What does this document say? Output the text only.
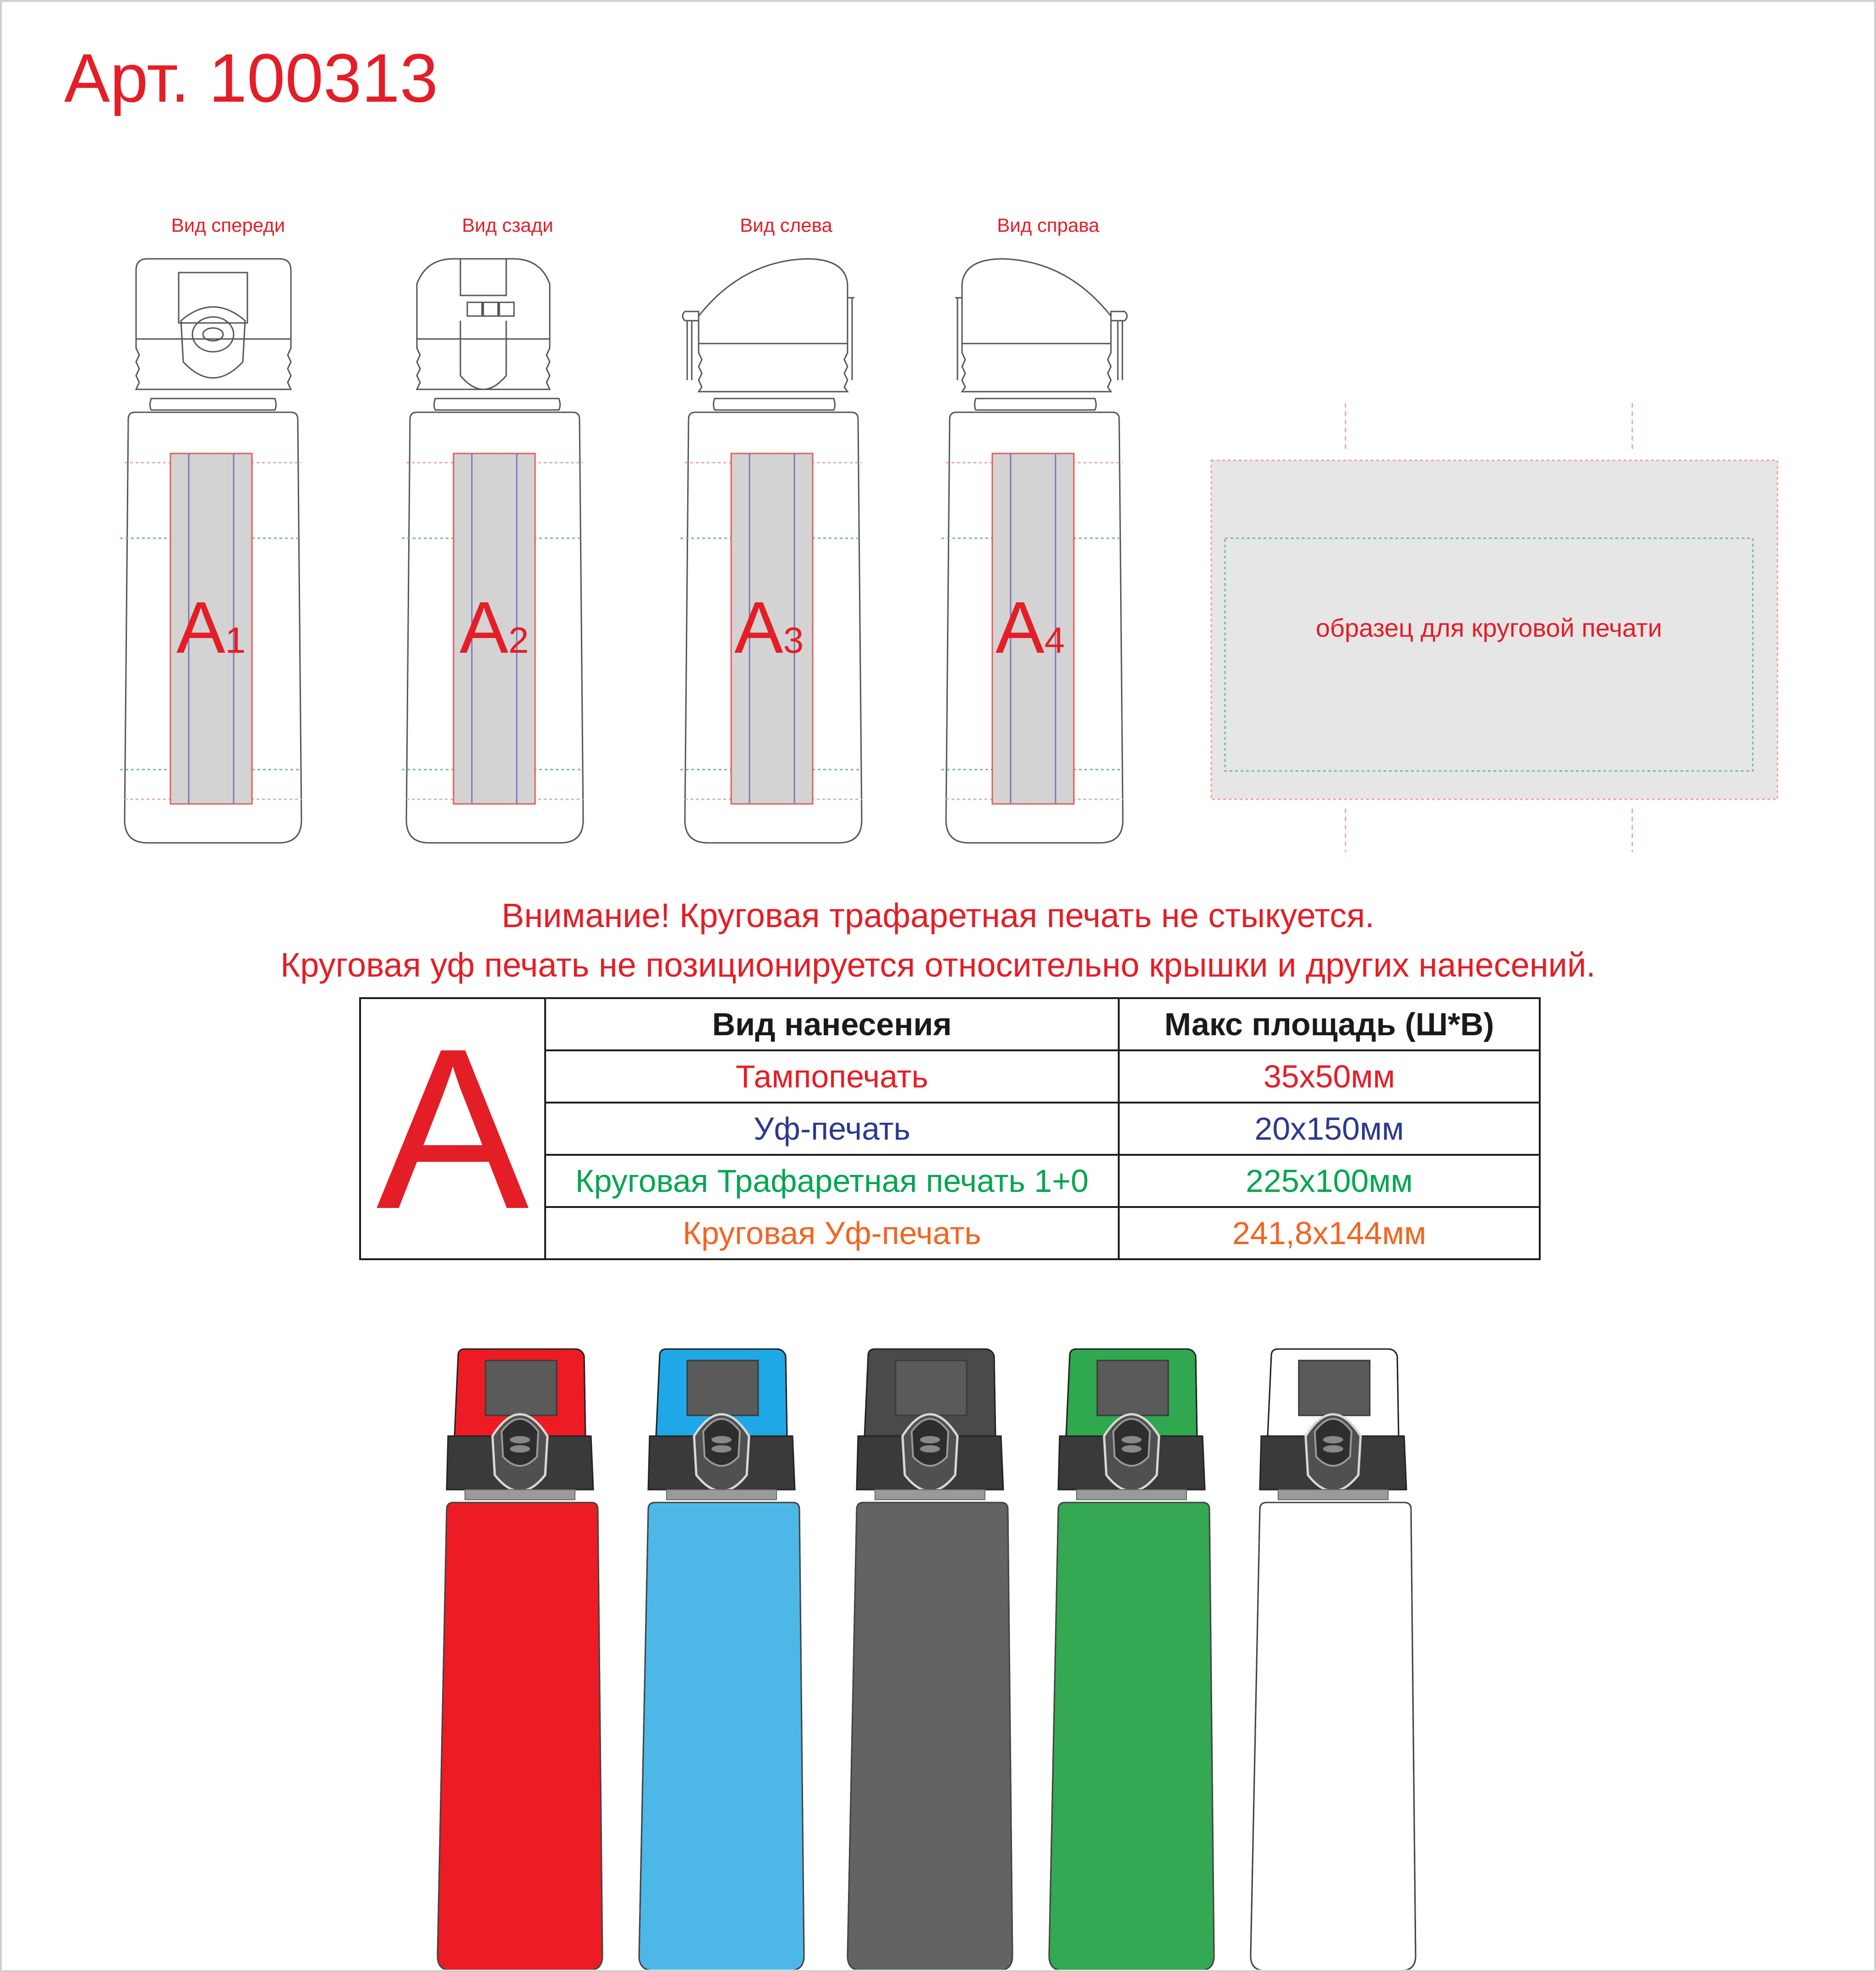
Арт. 100313
Вид спереди	Вид сзади	Вид слева	Вид справа
A1	A2	A3	A4	образец для круговой печати
Внимание! Круговая трафаретная печать не стыкуется.
Круговая уф печать не позиционируется относительно крышки и других нанесений.
A	Вид нанесения	Макс площадь (Ш*В)
	Тампопечать	35х50мм
	Уф-печать	20х150мм
	Круговая Трафаретная печать 1+0	225х100мм
	Круговая Уф-печать	241,8х144мм
